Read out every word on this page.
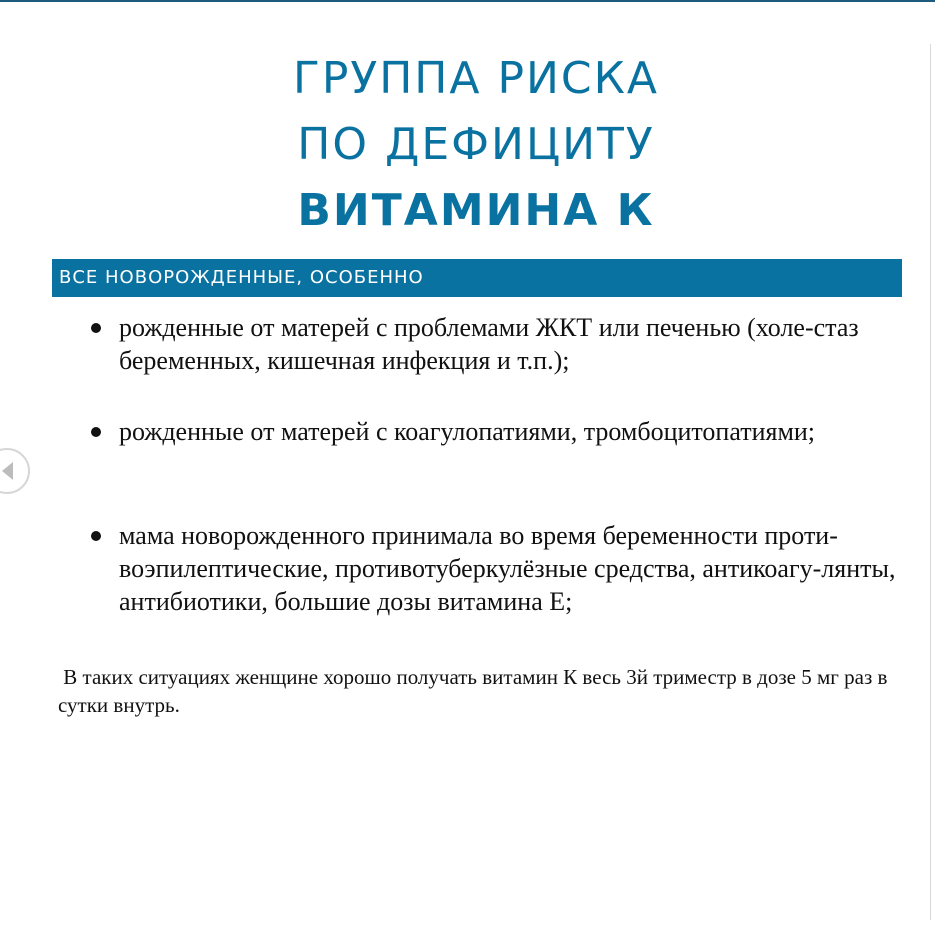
ГРУППА РИСКА
ПО ДЕФИЦИТУ
ВИТАМИНА К
ВСЕ НОВОРОЖДЕННЫЕ, ОСОБЕННО
рожденные от матерей с проблемами ЖКТ или печенью (холе-стаз беременных, кишечная инфекция и т.п.);
рожденные от матерей с коагулопатиями, тромбоцитопатиями;
мама новорожденного принимала во время беременности проти-воэпилептические, противотуберкулёзные средства, антикоагу-лянты, антибиотики, большие дозы витамина Е;
В таких ситуациях женщине хорошо получать витамин К весь 3й триместр в дозе 5 мг раз в сутки внутрь.
